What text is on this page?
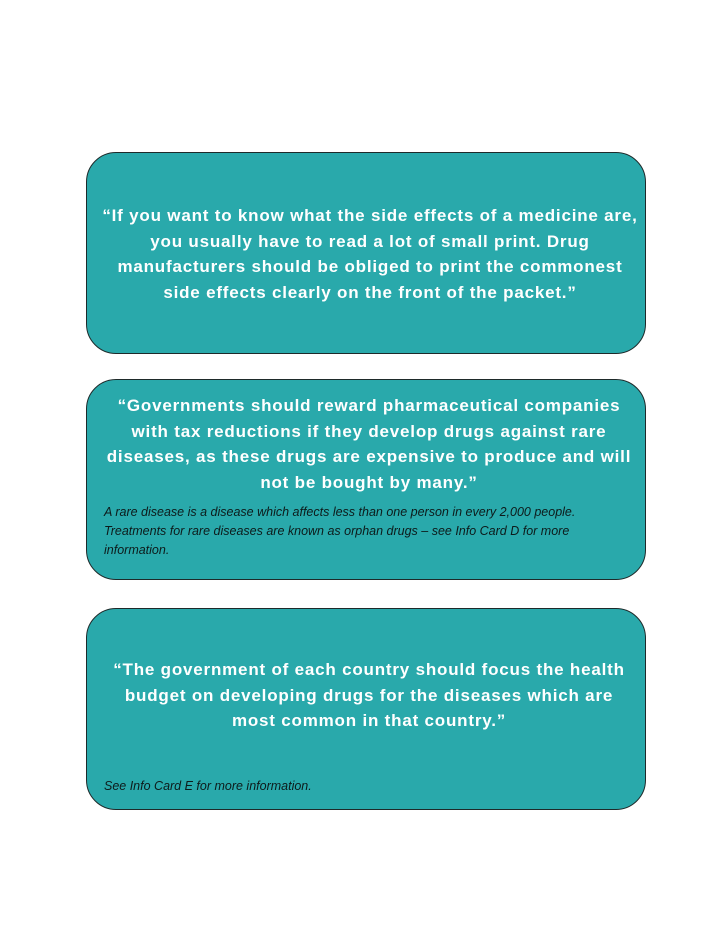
“If you want to know what the side effects of a medicine are, you usually have to read a lot of small print. Drug manufacturers should be obliged to print the commonest side effects clearly on the front of the packet.”

“Governments should reward pharmaceutical companies with tax reductions if they develop drugs against rare diseases, as these drugs are expensive to produce and will not be bought by many.”

A rare disease is a disease which affects less than one person in every 2,000 people. Treatments for rare diseases are known as orphan drugs – see Info Card D for more information.

“The government of each country should focus the health budget on developing drugs for the diseases which are most common in that country.”

See Info Card E for more information.
